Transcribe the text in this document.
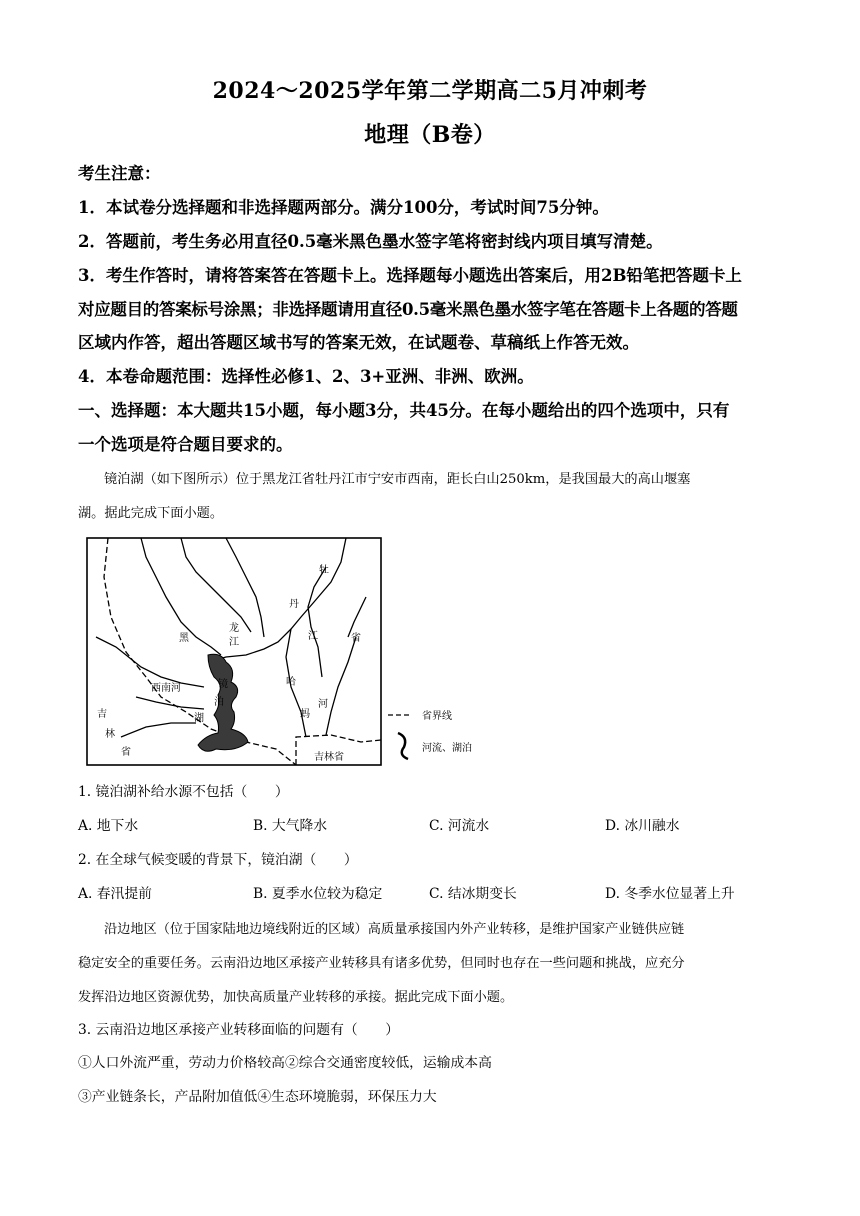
2024～2025学年第二学期高二5月冲刺考
地理（B卷）
考生注意：
1．本试卷分选择题和非选择题两部分。满分100分，考试时间75分钟。
2．答题前，考生务必用直径0.5毫米黑色墨水签字笔将密封线内项目填写清楚。
3．考生作答时，请将答案答在答题卡上。选择题每小题选出答案后，用2B铅笔把答题卡上
对应题目的答案标号涂黑；非选择题请用直径0.5毫米黑色墨水签字笔在答题卡上各题的答题
区域内作答，超出答题区域书写的答案无效，在试题卷、草稿纸上作答无效。
4．本卷命题范围：选择性必修1、2、3+亚洲、非洲、欧洲。
一、选择题：本大题共15小题，每小题3分，共45分。在每小题给出的四个选项中，只有
一个选项是符合题目要求的。
镜泊湖（如下图所示）位于黑龙江省牡丹江市宁安市西南，距长白山250km，是我国最大的高山堰塞
湖。据此完成下面小题。
黑
龙
江
江	省
牡
丹
镜
泊
湖
哈
蚂
河
吉
林
省	吉林省
西南河
省界线
河流、湖泊
1. 镜泊湖补给水源不包括（　　）
A. 地下水	B. 大气降水	C. 河流水	D. 冰川融水
2. 在全球气候变暖的背景下，镜泊湖（　　）
A. 春汛提前	B. 夏季水位较为稳定	C. 结冰期变长	D. 冬季水位显著上升
沿边地区（位于国家陆地边境线附近的区域）高质量承接国内外产业转移，是维护国家产业链供应链
稳定安全的重要任务。云南沿边地区承接产业转移具有诸多优势，但同时也存在一些问题和挑战，应充分
发挥沿边地区资源优势，加快高质量产业转移的承接。据此完成下面小题。
3. 云南沿边地区承接产业转移面临的问题有（　　）
①人口外流严重，劳动力价格较高②综合交通密度较低，运输成本高
③产业链条长，产品附加值低④生态环境脆弱，环保压力大
